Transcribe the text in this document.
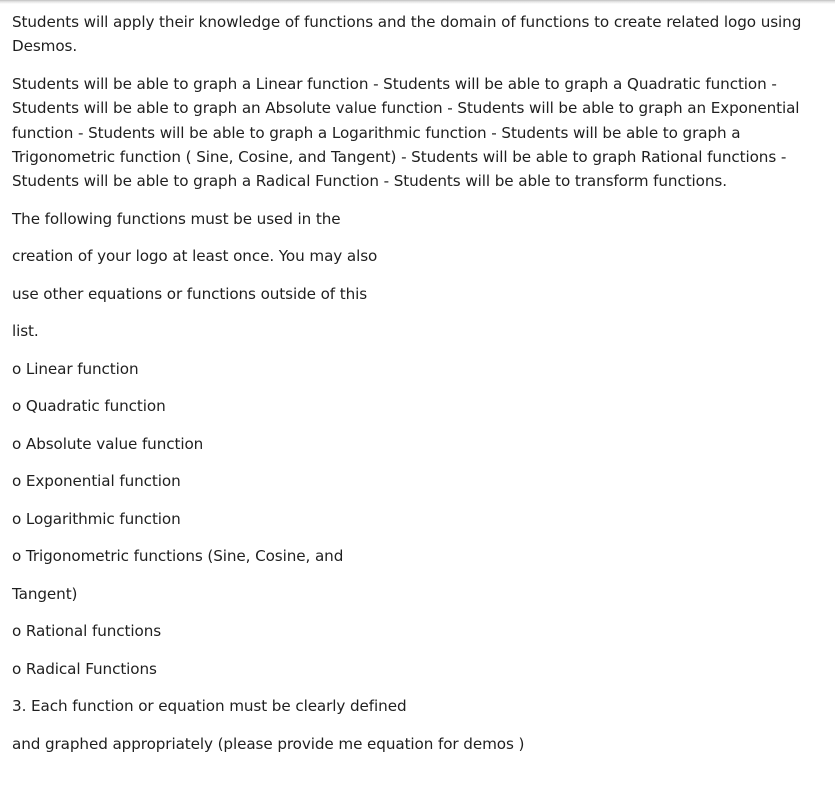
Students will apply their knowledge of functions and the domain of functions to create related logo using Desmos.

Students will be able to graph a Linear function - Students will be able to graph a Quadratic function - Students will be able to graph an Absolute value function - Students will be able to graph an Exponential function - Students will be able to graph a Logarithmic function - Students will be able to graph a Trigonometric function ( Sine, Cosine, and Tangent) - Students will be able to graph Rational functions - Students will be able to graph a Radical Function - Students will be able to transform functions.

The following functions must be used in the
creation of your logo at least once. You may also
use other equations or functions outside of this
list.
o Linear function
o Quadratic function
o Absolute value function
o Exponential function
o Logarithmic function
o Trigonometric functions (Sine, Cosine, and
Tangent)
o Rational functions
o Radical Functions
3. Each function or equation must be clearly defined
and graphed appropriately (please provide me equation for demos )
